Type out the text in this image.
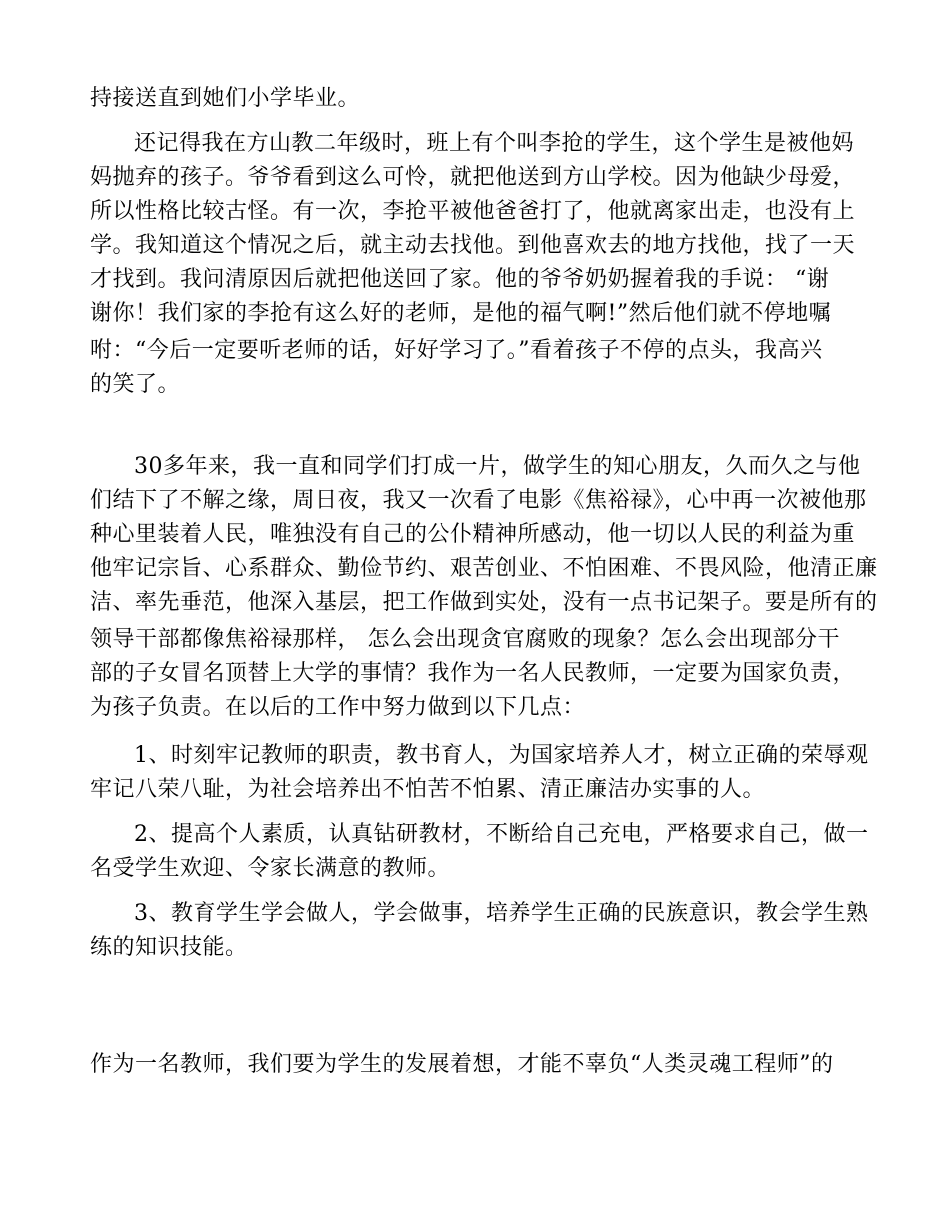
持接送直到她们小学毕业。
还记得我在方山教二年级时，班上有个叫李抢的学生，这个学生是被他妈
妈抛弃的孩子。爷爷看到这么可怜，就把他送到方山学校。因为他缺少母爱，
所以性格比较古怪。有一次，李抢平被他爸爸打了，他就离家出走，也没有上
学。我知道这个情况之后，就主动去找他。到他喜欢去的地方找他，找了一天
才找到。我问清原因后就把他送回了家。他的爷爷奶奶握着我的手说： “谢
谢你！我们家的李抢有这么好的老师，是他的福气啊!”然后他们就不停地嘱
咐：“今后一定要听老师的话，好好学习了。”看着孩子不停的点头，我高兴
的笑了。
30多年来，我一直和同学们打成一片，做学生的知心朋友，久而久之与他
们结下了不解之缘，周日夜，我又一次看了电影《焦裕禄》，心中再一次被他那
种心里装着人民，唯独没有自己的公仆精神所感动，他一切以人民的利益为重
他牢记宗旨、心系群众、勤俭节约、艰苦创业、不怕困难、不畏风险，他清正廉
洁、率先垂范，他深入基层，把工作做到实处，没有一点书记架子。要是所有的
领导干部都像焦裕禄那样， 怎么会出现贪官腐败的现象？怎么会出现部分干
部的子女冒名顶替上大学的事情？我作为一名人民教师，一定要为国家负责，
为孩子负责。在以后的工作中努力做到以下几点：
1、时刻牢记教师的职责，教书育人，为国家培养人才，树立正确的荣辱观
牢记八荣八耻，为社会培养出不怕苦不怕累、清正廉洁办实事的人。
2、提高个人素质，认真钻研教材，不断给自己充电，严格要求自己，做一
名受学生欢迎、令家长满意的教师。
3、教育学生学会做人，学会做事，培养学生正确的民族意识，教会学生熟
练的知识技能。
作为一名教师，我们要为学生的发展着想，才能不辜负“人类灵魂工程师”的
